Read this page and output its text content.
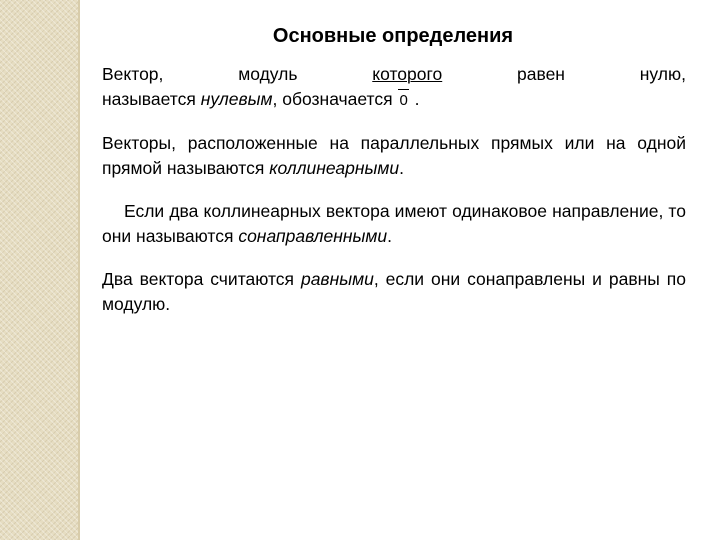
Основные определения
Вектор,	модуль	которого	равен	нулю,
называется нулевым, обозначается 0 .
Векторы, расположенные на параллельных прямых или на одной прямой называются коллинеарными.
Если два коллинеарных вектора имеют одинаковое направление, то они называются сонаправленными.
Два вектора считаются равными, если они сонаправлены и равны по модулю.
